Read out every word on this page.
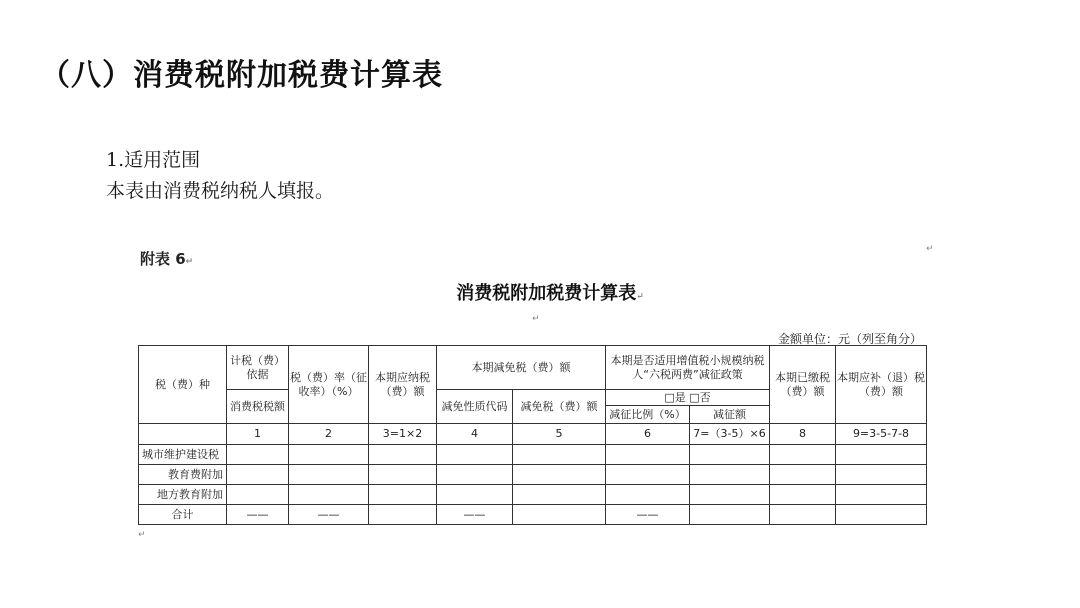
（八）消费税附加税费计算表
1.适用范围
本表由消费税纳税人填报。
附表 6↵
消费税附加税费计算表↵
↵
↵
金额单位：元（列至角分）
税（费）种	计税（费）依据	税（费）率（征收率）（%）	本期应纳税（费）额	本期减免税（费）额		本期是否适用增值税小规模纳税人“六税两费”减征政策		本期已缴税（费）额	本期应补（退）税（费）额
	消费税税额			减免性质代码	减免税（费）额	□是 □否			
						减征比例（%）	减征额		
	1	2	3=1×2	4	5	6	7=（3-5）×6	8	9=3-5-7-8
城市维护建设税									
教育费附加									
地方教育附加									
合计	——	——		——		——			
↵
